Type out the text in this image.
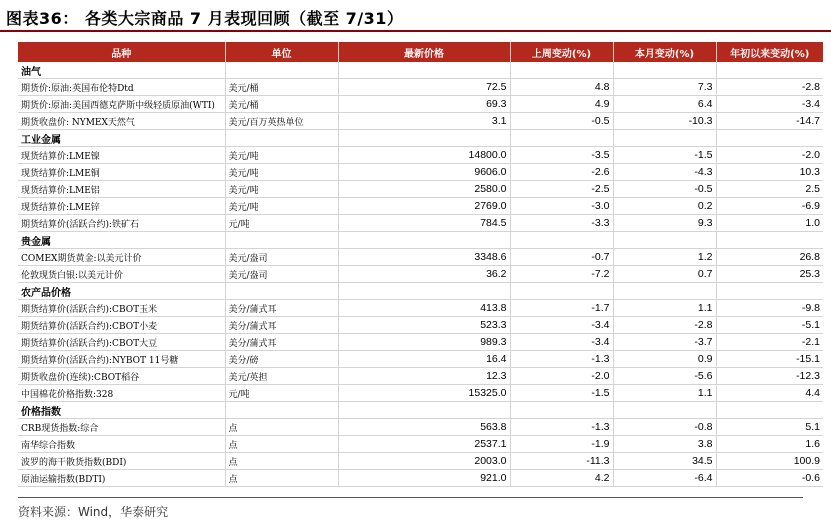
图表36： 各类大宗商品 7 月表现回顾（截至 7/31）
品种	单位	最新价格	上周变动(%)	本月变动(%)	年初以来变动(%)
油气					
期货价:原油:英国布伦特Dtd	美元/桶	72.5	4.8	7.3	-2.8
期货价:原油:美国西德克萨斯中级轻质原油(WTI)	美元/桶	69.3	4.9	6.4	-3.4
期货收盘价: NYMEX天然气	美元/百万英热单位	3.1	-0.5	-10.3	-14.7
工业金属					
现货结算价:LME镍	美元/吨	14800.0	-3.5	-1.5	-2.0
现货结算价:LME铜	美元/吨	9606.0	-2.6	-4.3	10.3
现货结算价:LME铝	美元/吨	2580.0	-2.5	-0.5	2.5
现货结算价:LME锌	美元/吨	2769.0	-3.0	0.2	-6.9
期货结算价(活跃合约):铁矿石	元/吨	784.5	-3.3	9.3	1.0
贵金属					
COMEX期货黄金:以美元计价	美元/盎司	3348.6	-0.7	1.2	26.8
伦敦现货白银:以美元计价	美元/盎司	36.2	-7.2	0.7	25.3
农产品价格					
期货结算价(活跃合约):CBOT玉米	美分/蒲式耳	413.8	-1.7	1.1	-9.8
期货结算价(活跃合约):CBOT小麦	美分/蒲式耳	523.3	-3.4	-2.8	-5.1
期货结算价(活跃合约):CBOT大豆	美分/蒲式耳	989.3	-3.4	-3.7	-2.1
期货结算价(活跃合约):NYBOT 11号糖	美分/磅	16.4	-1.3	0.9	-15.1
期货收盘价(连续):CBOT稻谷	美元/英担	12.3	-2.0	-5.6	-12.3
中国棉花价格指数:328	元/吨	15325.0	-1.5	1.1	4.4
价格指数					
CRB现货指数:综合	点	563.8	-1.3	-0.8	5.1
南华综合指数	点	2537.1	-1.9	3.8	1.6
波罗的海干散货指数(BDI)	点	2003.0	-11.3	34.5	100.9
原油运输指数(BDTI)	点	921.0	4.2	-6.4	-0.6
资料来源：Wind，华泰研究
